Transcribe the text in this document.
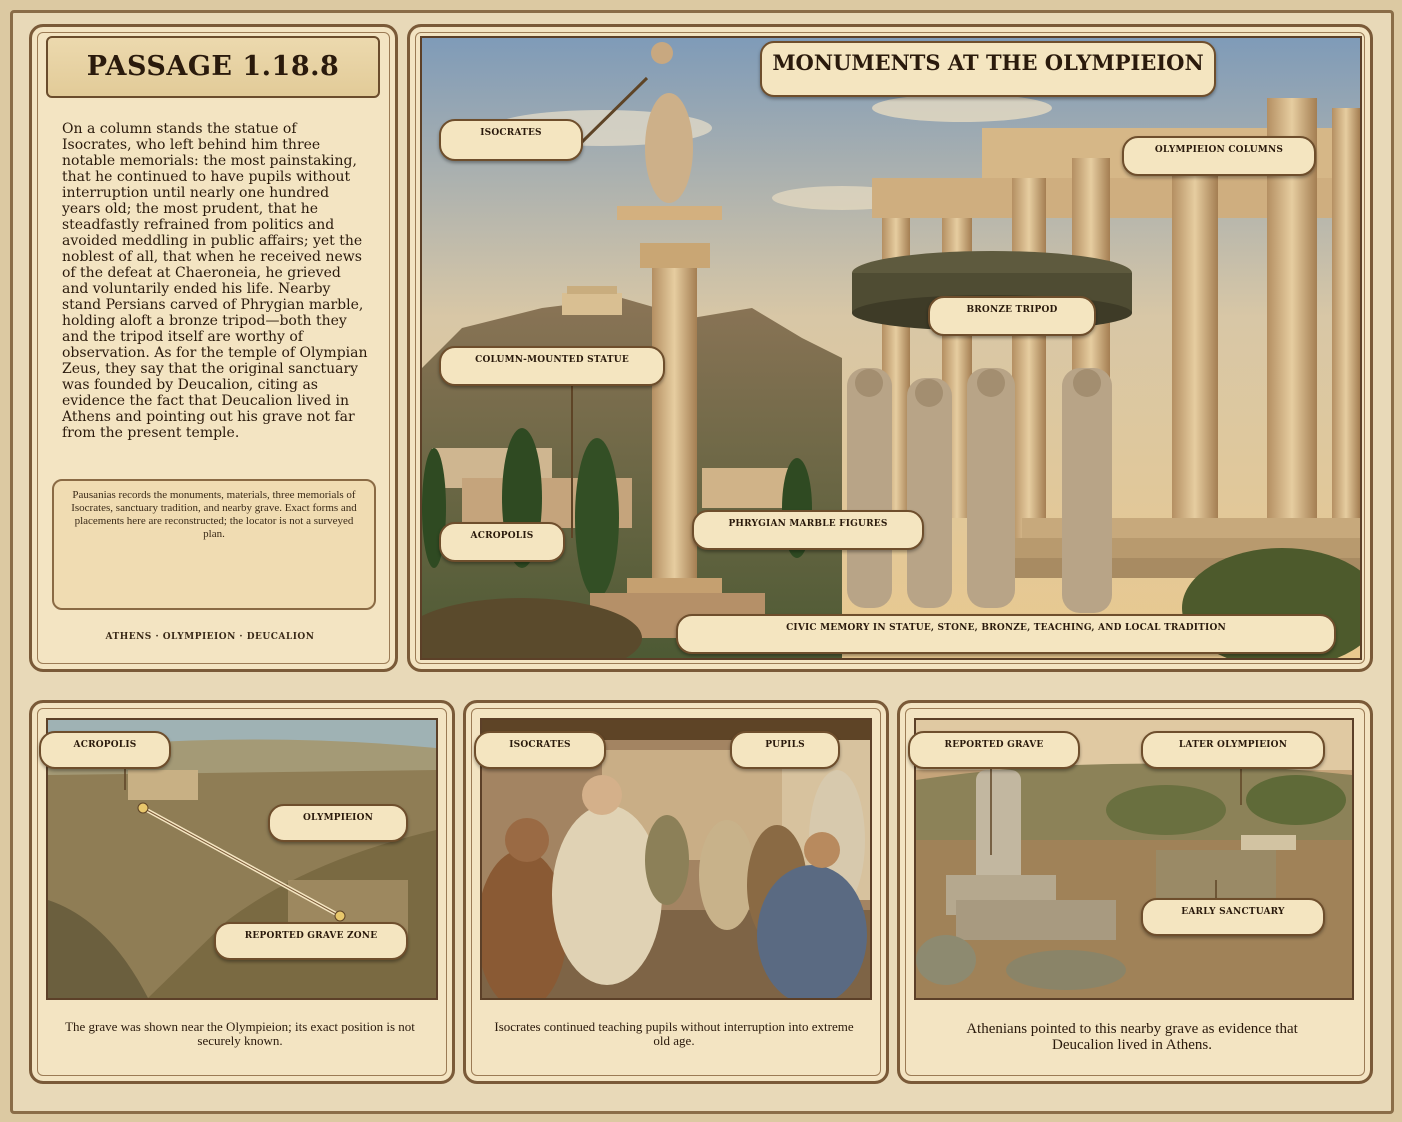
PASSAGE 1.18.8
On a column stands the statue of Isocrates, who left behind him three notable memorials: the most painstaking, that he continued to have pupils without interruption until nearly one hundred years old; the most prudent, that he steadfastly refrained from politics and avoided meddling in public affairs; yet the noblest of all, that when he received news of the defeat at Chaeroneia, he grieved and voluntarily ended his life. Nearby stand Persians carved of Phrygian marble, holding aloft a bronze tripod—both they and the tripod itself are worthy of observation. As for the temple of Olympian Zeus, they say that the original sanctuary was founded by Deucalion, citing as evidence the fact that Deucalion lived in Athens and pointing out his grave not far from the present temple.
Pausanias records the monuments, materials, three memorials of Isocrates, sanctuary tradition, and nearby grave. Exact forms and placements here are reconstructed; the locator is not a surveyed plan.
ATHENS · OLYMPIEION · DEUCALION
MONUMENTS AT THE OLYMPIEION
ISOCRATES
OLYMPIEION COLUMNS
BRONZE TRIPOD
COLUMN-MOUNTED STATUE
ACROPOLIS
PHRYGIAN MARBLE FIGURES
CIVIC MEMORY IN STATUE, STONE, BRONZE, TEACHING, AND LOCAL TRADITION
ACROPOLIS
OLYMPIEION
REPORTED GRAVE ZONE
The grave was shown near the Olympieion; its exact position is not securely known.
ISOCRATES	PUPILS
Isocrates continued teaching pupils without interruption into extreme old age.
REPORTED GRAVE	LATER OLYMPIEION
EARLY SANCTUARY
Athenians pointed to this nearby grave as evidence that Deucalion lived in Athens.
